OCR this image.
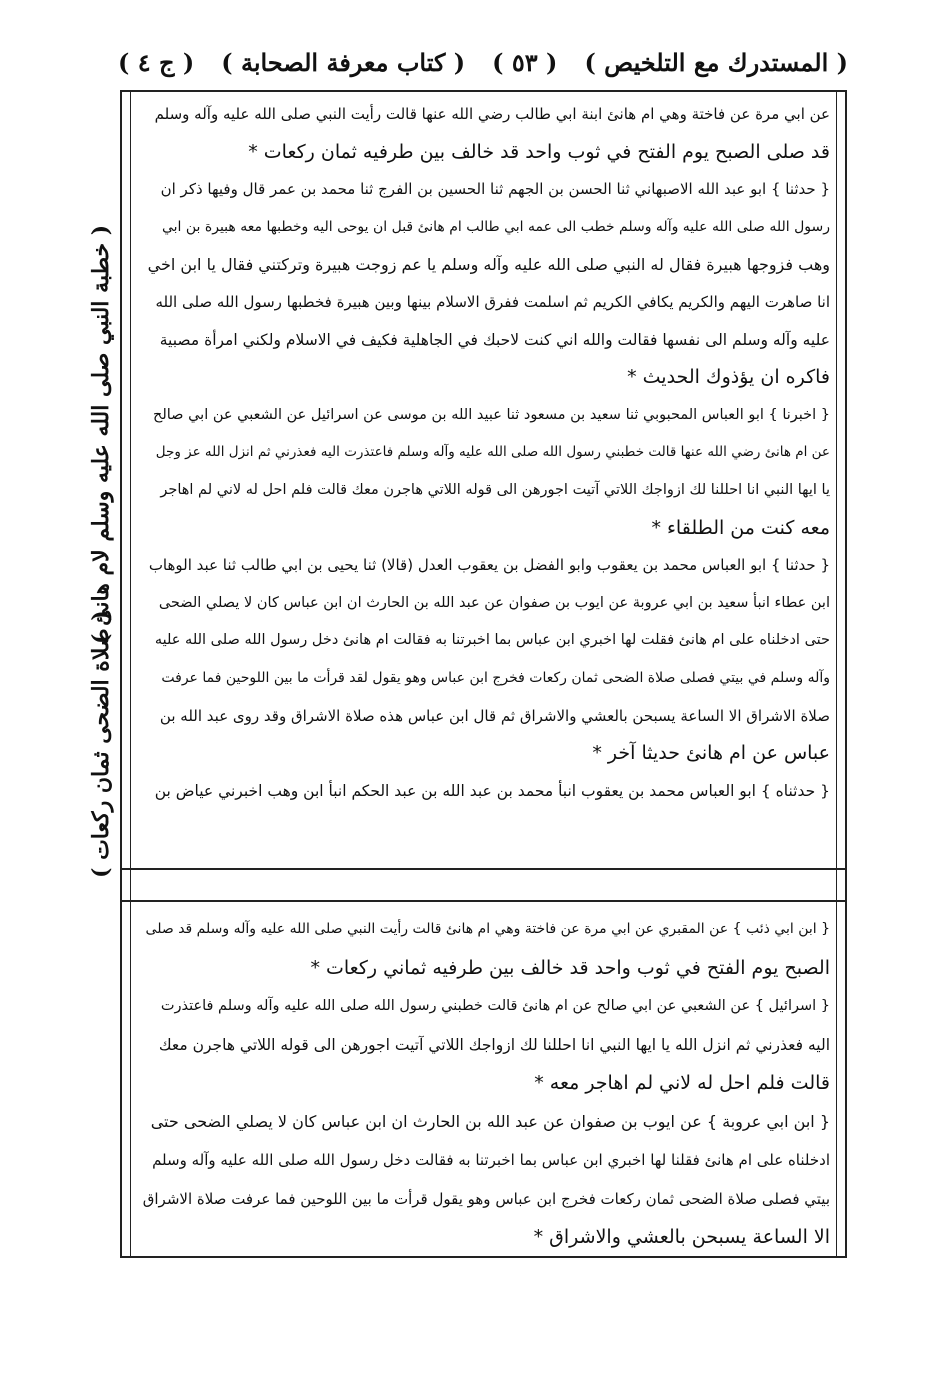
( المستدرك مع التلخيص )
( ٥٣ )
( كتاب معرفة الصحابة )
( ج ٤ )
( خطبة النبي صلى الله عليه وسلم لام هانئ )
( صلاة الضحى ثمان ركعات )
عن ابي مرة عن فاختة وهي ام هانئ ابنة ابي طالب رضي الله عنها قالت رأيت النبي صلى الله عليه وآله وسلم
قد صلى الصبح يوم الفتح في ثوب واحد قد خالف بين طرفيه ثمان ركعات *
{ حدثنا } ابو عبد الله الاصبهاني ثنا الحسن بن الجهم ثنا الحسين بن الفرج ثنا محمد بن عمر قال وفيها ذكر ان
رسول الله صلى الله عليه وآله وسلم خطب الى عمه ابي طالب ام هانئ قبل ان يوحى اليه وخطبها معه هبيرة بن ابي
وهب فزوجها هبيرة فقال له النبي صلى الله عليه وآله وسلم يا عم زوجت هبيرة وتركتني فقال يا ابن اخي
انا صاهرت اليهم والكريم يكافي الكريم ثم اسلمت ففرق الاسلام بينها وبين هبيرة فخطبها رسول الله صلى الله
عليه وآله وسلم الى نفسها فقالت والله اني كنت لاحبك في الجاهلية فكيف في الاسلام ولكني امرأة مصبية
فاكره ان يؤذوك الحديث *
{ اخبرنا } ابو العباس المحبوبي ثنا سعيد بن مسعود ثنا عبيد الله بن موسى عن اسرائيل عن الشعبي عن ابي صالح
عن ام هانئ رضي الله عنها قالت خطبني رسول الله صلى الله عليه وآله وسلم فاعتذرت اليه فعذرني ثم انزل الله عز وجل
يا ايها النبي انا احللنا لك ازواجك اللاتي آتيت اجورهن الى قوله اللاتي هاجرن معك قالت فلم احل له لاني لم اهاجر
معه كنت من الطلقاء *
{ حدثنا } ابو العباس محمد بن يعقوب وابو الفضل بن يعقوب العدل (قالا) ثنا يحيى بن ابي طالب ثنا عبد الوهاب
ابن عطاء انبأ سعيد بن ابي عروبة عن ايوب بن صفوان عن عبد الله بن الحارث ان ابن عباس كان لا يصلي الضحى
حتى ادخلناه على ام هانئ فقلت لها اخبري ابن عباس بما اخبرتنا به فقالت ام هانئ دخل رسول الله صلى الله عليه
وآله وسلم في بيتي فصلى صلاة الضحى ثمان ركعات فخرج ابن عباس وهو يقول لقد قرأت ما بين اللوحين فما عرفت
صلاة الاشراق الا الساعة يسبحن بالعشي والاشراق ثم قال ابن عباس هذه صلاة الاشراق وقد روى عبد الله بن
عباس عن ام هانئ حديثا آخر *
{ حدثناه } ابو العباس محمد بن يعقوب انبأ محمد بن عبد الله بن عبد الحكم انبأ ابن وهب اخبرني عياض بن
{ ابن ابي ذئب } عن المقبري عن ابي مرة عن فاختة وهي ام هانئ قالت رأيت النبي صلى الله عليه وآله وسلم قد صلى
الصبح يوم الفتح في ثوب واحد قد خالف بين طرفيه ثماني ركعات *
{ اسرائيل } عن الشعبي عن ابي صالح عن ام هانئ قالت خطبني رسول الله صلى الله عليه وآله وسلم فاعتذرت
اليه فعذرني ثم انزل الله يا ايها النبي انا احللنا لك ازواجك اللاتي آتيت اجورهن الى قوله اللاتي هاجرن معك
قالت فلم احل له لاني لم اهاجر معه *
{ ابن ابي عروبة } عن ايوب بن صفوان عن عبد الله بن الحارث ان ابن عباس كان لا يصلي الضحى حتى
ادخلناه على ام هانئ فقلنا لها اخبري ابن عباس بما اخبرتنا به فقالت دخل رسول الله صلى الله عليه وآله وسلم
بيتي فصلى صلاة الضحى ثمان ركعات فخرج ابن عباس وهو يقول قرأت ما بين اللوحين فما عرفت صلاة الاشراق
الا الساعة يسبحن بالعشي والاشراق *
